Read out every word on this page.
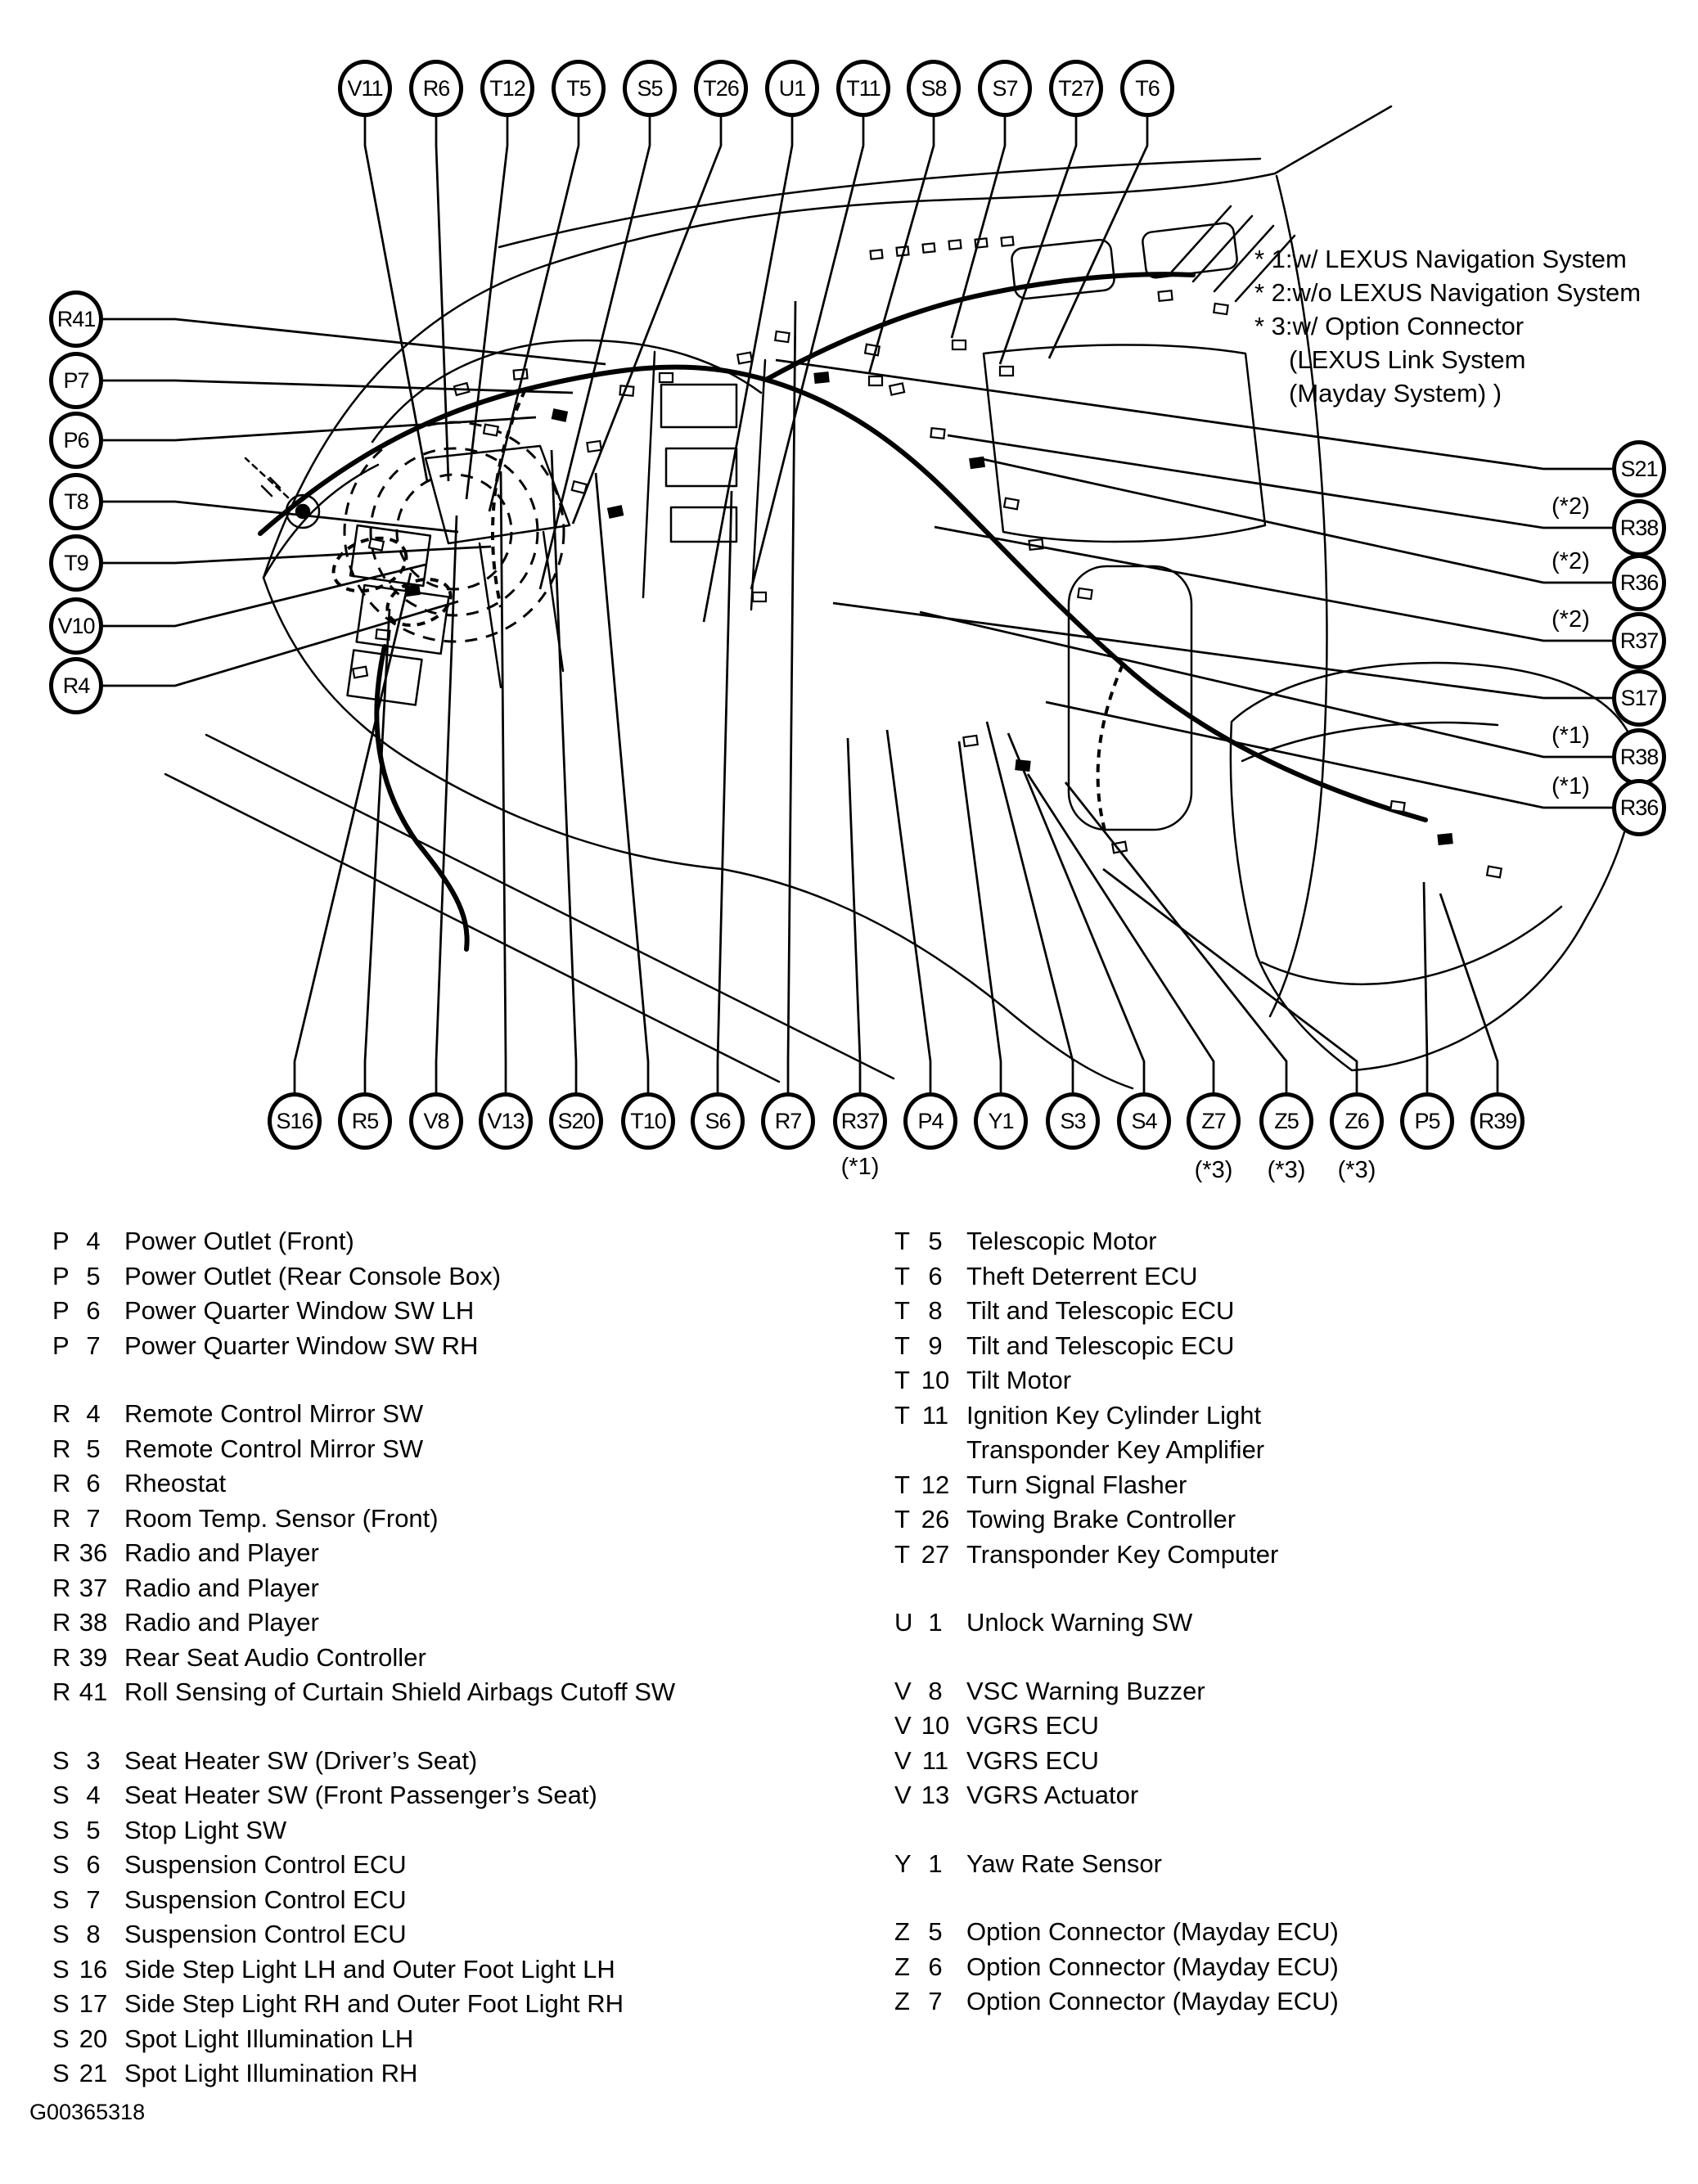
V11	R6	T12	T5	S5	T26	U1	T11	S8	S7	T27	T6
R41
P7
P6
T8
T9
V10
R4
S21
R38
R36
R37
S17
R38
R36
(*2)
(*2)
(*2)
(*1)
(*1)
S16	R5	V8	V13	S20	T10	S6	R7	R37	P4	Y1	S3	S4	Z7	Z5	Z6	P5	R39
(*1)	(*3) (*3) (*3)
* 1:w/ LEXUS Navigation System
* 2:w/o LEXUS Navigation System
* 3:w/ Option Connector
(LEXUS Link System
(Mayday System) )
P 4 Power Outlet (Front)
P 5 Power Outlet (Rear Console Box)
P 6 Power Quarter Window SW LH
P 7 Power Quarter Window SW RH
R 4 Remote Control Mirror SW
R 5 Remote Control Mirror SW
R 6 Rheostat
R 7 Room Temp. Sensor (Front)
R 36 Radio and Player
R 37 Radio and Player
R 38 Radio and Player
R 39 Rear Seat Audio Controller
R 41 Roll Sensing of Curtain Shield Airbags Cutoff SW
S 3 Seat Heater SW (Driver’s Seat)
S 4 Seat Heater SW (Front Passenger’s Seat)
S 5 Stop Light SW
S 6 Suspension Control ECU
S 7 Suspension Control ECU
S 8 Suspension Control ECU
S 16 Side Step Light LH and Outer Foot Light LH
S 17 Side Step Light RH and Outer Foot Light RH
S 20 Spot Light Illumination LH
S 21 Spot Light Illumination RH
T 5 Telescopic Motor
T 6 Theft Deterrent ECU
T 8 Tilt and Telescopic ECU
T 9 Tilt and Telescopic ECU
T 10 Tilt Motor
T 11 Ignition Key Cylinder Light
Transponder Key Amplifier
T 12 Turn Signal Flasher
T 26 Towing Brake Controller
T 27 Transponder Key Computer
U 1 Unlock Warning SW
V 8 VSC Warning Buzzer
V 10 VGRS ECU
V 11 VGRS ECU
V 13 VGRS Actuator
Y 1 Yaw Rate Sensor
Z 5 Option Connector (Mayday ECU)
Z 6 Option Connector (Mayday ECU)
Z 7 Option Connector (Mayday ECU)
G00365318
